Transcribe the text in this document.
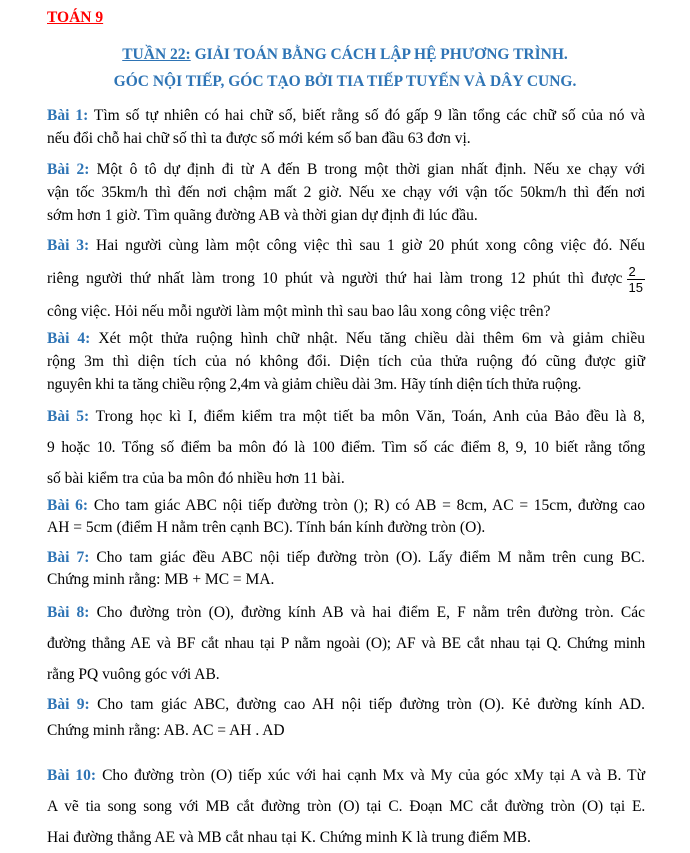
TOÁN 9
TUẦN 22: GIẢI TOÁN BẰNG CÁCH LẬP HỆ PHƯƠNG TRÌNH.
GÓC NỘI TIẾP, GÓC TẠO BỞI TIA TIẾP TUYẾN VÀ DÂY CUNG.
Bài 1: Tìm số tự nhiên có hai chữ số, biết rằng số đó gấp 9 lần tổng các chữ số của nó và
nếu đổi chỗ hai chữ số thì ta được số mới kém số ban đầu 63 đơn vị.
Bài 2: Một ô tô dự định đi từ A đến B trong một thời gian nhất định. Nếu xe chạy với
vận tốc 35km/h thì đến nơi chậm mất 2 giờ. Nếu xe chạy với vận tốc 50km/h thì đến nơi
sớm hơn 1 giờ. Tìm quãng đường AB và thời gian dự định đi lúc đầu.
Bài 3: Hai người cùng làm một công việc thì sau 1 giờ 20 phút xong công việc đó. Nếu
riêng người thứ nhất làm trong 10 phút và người thứ hai làm trong 12 phút thì được $\frac{2}{15}$
công việc. Hỏi nếu mỗi người làm một mình thì sau bao lâu xong công việc trên?
Bài 4: Xét một thửa ruộng hình chữ nhật. Nếu tăng chiều dài thêm 6m và giảm chiều
rộng 3m thì diện tích của nó không đổi. Diện tích của thửa ruộng đó cũng được giữ
nguyên khi ta tăng chiều rộng 2,4m và giảm chiều dài 3m. Hãy tính diện tích thửa ruộng.
Bài 5: Trong học kì I, điểm kiểm tra một tiết ba môn Văn, Toán, Anh của Bảo đều là 8,
9 hoặc 10. Tổng số điểm ba môn đó là 100 điểm. Tìm số các điểm 8, 9, 10 biết rằng tổng
số bài kiểm tra của ba môn đó nhiều hơn 11 bài.
Bài 6: Cho tam giác ABC nội tiếp đường tròn (); R) có AB = 8cm, AC = 15cm, đường cao
AH = 5cm (điểm H nằm trên cạnh BC). Tính bán kính đường tròn (O).
Bài 7: Cho tam giác đều ABC nội tiếp đường tròn (O). Lấy điểm M nằm trên cung BC.
Chứng minh rằng: MB + MC = MA.
Bài 8: Cho đường tròn (O), đường kính AB và hai điểm E, F nằm trên đường tròn. Các
đường thẳng AE và BF cắt nhau tại P nằm ngoài (O); AF và BE cắt nhau tại Q. Chứng minh
rằng PQ vuông góc với AB.
Bài 9: Cho tam giác ABC, đường cao AH nội tiếp đường tròn (O). Kẻ đường kính AD.
Chứng minh rằng: AB. AC = AH . AD
Bài 10: Cho đường tròn (O) tiếp xúc với hai cạnh Mx và My của góc xMy tại A và B. Từ
A vẽ tia song song với MB cắt đường tròn (O) tại C. Đoạn MC cắt đường tròn (O) tại E.
Hai đường thẳng AE và MB cắt nhau tại K. Chứng minh K là trung điểm MB.
